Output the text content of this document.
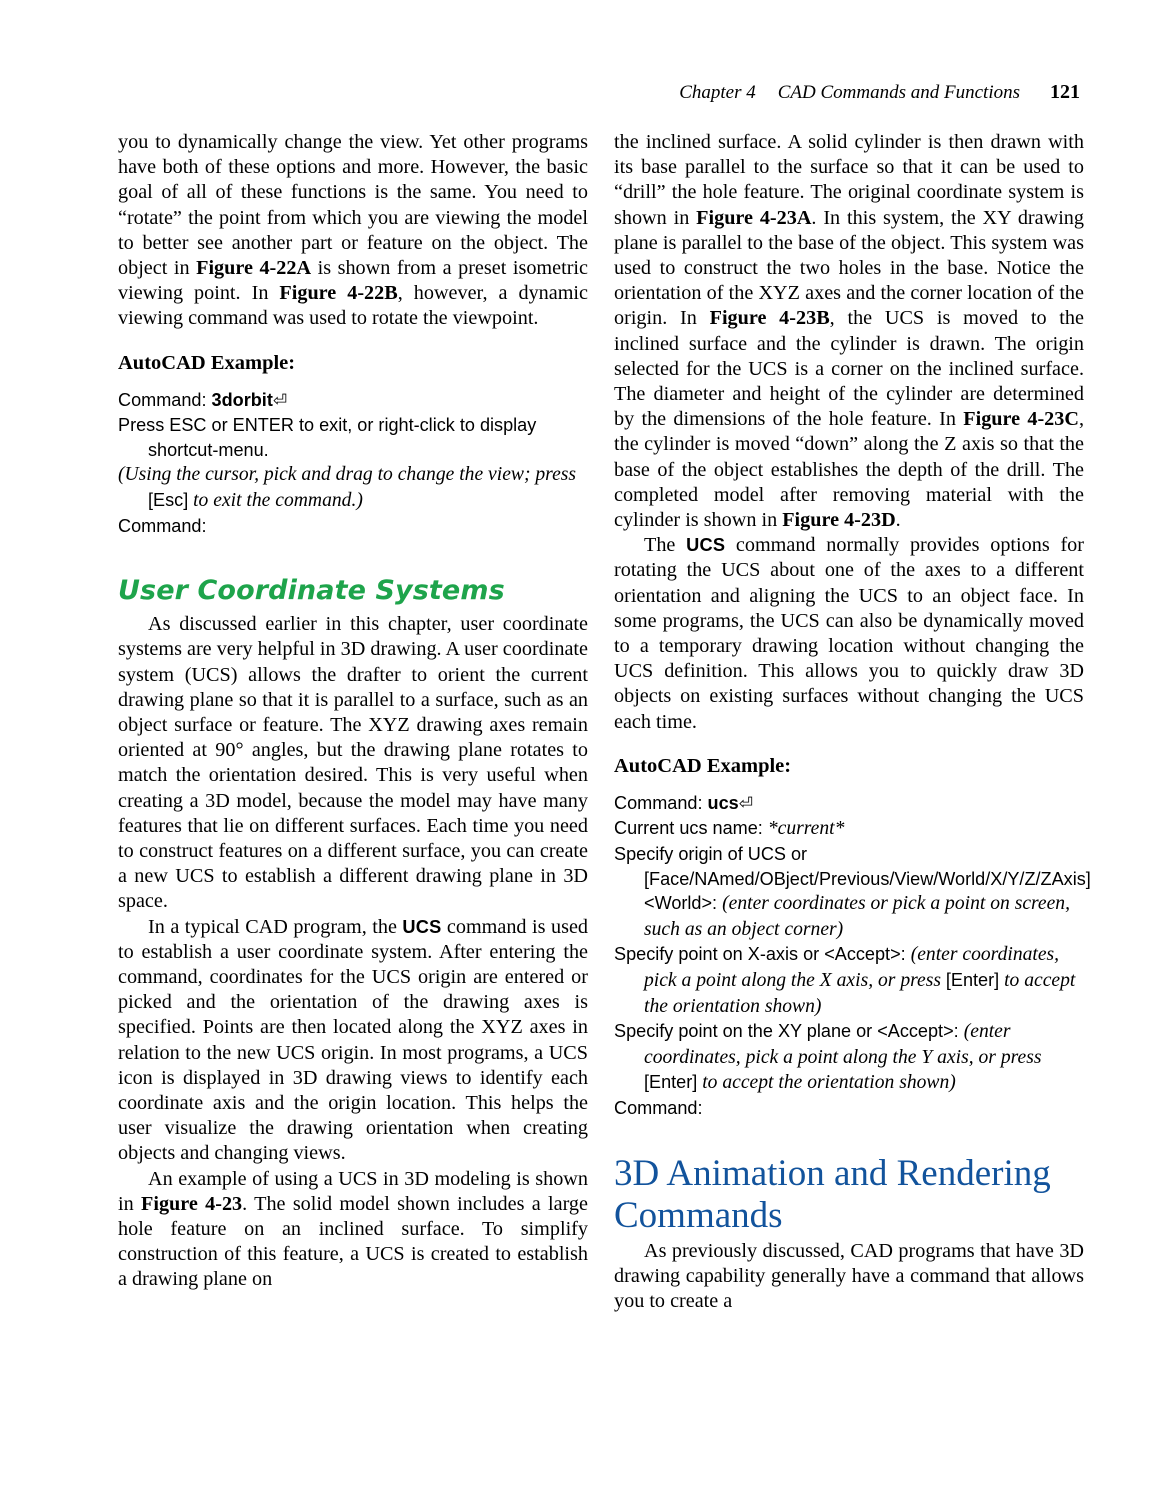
Chapter 4 CAD Commands and Functions 121

you to dynamically change the view. Yet other programs have both of these options and more. However, the basic goal of all of these functions is the same. You need to “rotate” the point from which you are viewing the model to better see another part or feature on the object. The object in Figure 4-22A is shown from a preset isometric viewing point. In Figure 4-22B, however, a dynamic viewing command was used to rotate the viewpoint.

AutoCAD Example:

Command: 3dorbit⏎
Press ESC or ENTER to exit, or right-click to display shortcut-menu.
(Using the cursor, pick and drag to change the view; press [Esc] to exit the command.)
Command:
User Coordinate Systems

As discussed earlier in this chapter, user coordinate systems are very helpful in 3D drawing. A user coordinate system (UCS) allows the drafter to orient the current drawing plane so that it is parallel to a surface, such as an object surface or feature. The XYZ drawing axes remain oriented at 90° angles, but the drawing plane rotates to match the orientation desired. This is very useful when creating a 3D model, because the model may have many features that lie on different surfaces. Each time you need to construct features on a different surface, you can create a new UCS to establish a different drawing plane in 3D space.

In a typical CAD program, the UCS command is used to establish a user coordinate system. After entering the command, coordinates for the UCS origin are entered or picked and the orientation of the drawing axes is specified. Points are then located along the XYZ axes in relation to the new UCS origin. In most programs, a UCS icon is displayed in 3D drawing views to identify each coordinate axis and the origin location. This helps the user visualize the drawing orientation when creating objects and changing views.

An example of using a UCS in 3D modeling is shown in Figure 4-23. The solid model shown includes a large hole feature on an inclined surface. To simplify construction of this feature, a UCS is created to establish a drawing plane on

the inclined surface. A solid cylinder is then drawn with its base parallel to the surface so that it can be used to “drill” the hole feature. The original coordinate system is shown in Figure 4-23A. In this system, the XY drawing plane is parallel to the base of the object. This system was used to construct the two holes in the base. Notice the orientation of the XYZ axes and the corner location of the origin. In Figure 4-23B, the UCS is moved to the inclined surface and the cylinder is drawn. The origin selected for the UCS is a corner on the inclined surface. The diameter and height of the cylinder are determined by the dimensions of the hole feature. In Figure 4-23C, the cylinder is moved “down” along the Z axis so that the base of the object establishes the depth of the drill. The completed model after removing material with the cylinder is shown in Figure 4-23D.

The UCS command normally provides options for rotating the UCS about one of the axes to a different orientation and aligning the UCS to an object face. In some programs, the UCS can also be dynamically moved to a temporary drawing location without changing the UCS definition. This allows you to quickly draw 3D objects on existing surfaces without changing the UCS each time.

AutoCAD Example:

Command: ucs⏎
Current ucs name: *current*
Specify origin of UCS or
[Face/NAmed/OBject/Previous/View/World/X/Y/Z/ZAxis] <World>: (enter coordinates or pick a point on screen, such as an object corner)
Specify point on X-axis or <Accept>: (enter coordinates, pick a point along the X axis, or press [Enter] to accept the orientation shown)
Specify point on the XY plane or <Accept>: (enter coordinates, pick a point along the Y axis, or press [Enter] to accept the orientation shown)
Command:
3D Animation and Rendering Commands

As previously discussed, CAD programs that have 3D drawing capability generally have a command that allows you to create a
